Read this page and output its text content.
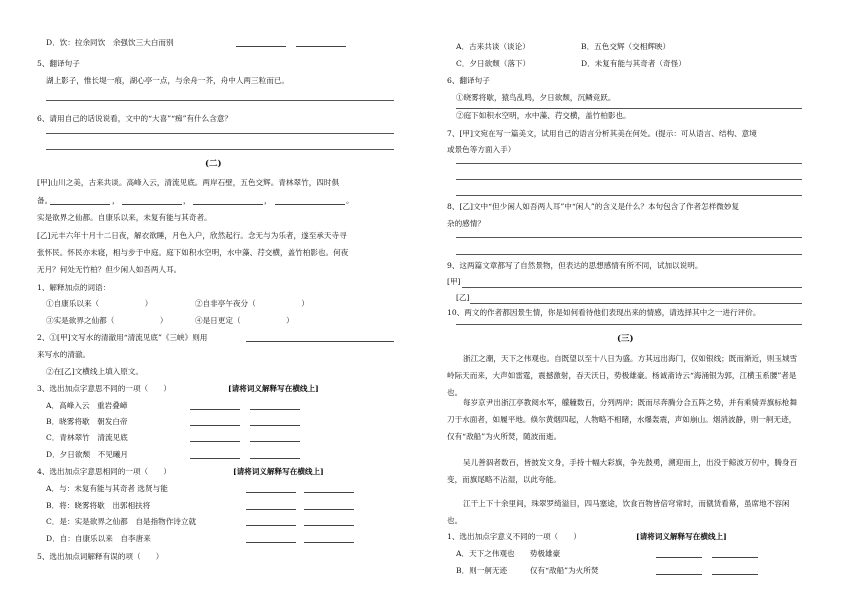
D．饮：拉余同饮　余强饮三大白而别
5、翻译句子
湖上影子，惟长堤一痕，湖心亭一点，与余舟一芥，舟中人两三粒而已。
6、请用自己的话说说看，文中的“大喜”“痴”有什么含意？
(二)
[甲]山川之美，古来共谈。高峰入云，清流见底。两岸石壁，五色交辉。青林翠竹，四时俱
备。	，	，	，	。
实是欲界之仙都。自康乐以来，未复有能与其奇者。
[乙]元丰六年十月十二日夜，解衣欲睡，月色入户，欣然起行。念无与为乐者，遂至承天寺寻
张怀民。怀民亦未寝，相与步于中庭。庭下如积水空明，水中藻、荇交横，盖竹柏影也。何夜
无月？何处无竹柏？但少闲人如吾两人耳。
1、解释加点的词语：
①自康乐以来（　　　　　　）	②自非亭午夜分（　　　　　　）
③实是欲界之仙都（　　　　　　）	④是日更定（　　　　　　）
2、①[甲]文写水的清澈用“清流见底”《三峡》则用
来写水的清澈。
②在[乙]文横线上填入原文。
3、选出加点字意思不同的一项（　　）	[请将词义解释写在横线上]
A．高峰入云　重岩叠嶂
B．晓雾将歇　朝发白帝
C．青林翠竹　清流见底
D．夕日欲颓　不见曦月
4、选出加点字意思相同的一项（　　）	[请将词义解释写在横线上]
A．与：未复有能与其奇者 选贤与能
B．将：晓雾将歇　出郭相扶将
C．是：实是欲界之仙都　自是指物作诗立就
D．自：自康乐以来　自李唐来
5、选出加点词解释有误的项（　　）
A．古来共谈（谈论）	B．五色交辉（交相辉映）
C．夕日欲颓（落下）	D．未复有能与其奇者（奇怪）
6、翻译句子
①晓雾将歇，猿鸟乱鸣，夕日欲颓，沉鳞竞跃。
②庭下如积水空明，水中藻、荇交横，盖竹柏影也。
7、[甲]文宛在写一篇美文，试用自己的语言分析其美在何处。(提示：可从语言、结构、意境
或景色等方面入手）
8、[乙]文中“但少闲人如吾两人耳”中“闲人”的含义是什么？本句包含了作者怎样微妙复
杂的感情？
9、这两篇文章都写了自然景物，但表达的思想感情有所不同，试加以说明。
[甲]
[乙]
10、两文的作者都因景生情，你是如何看待他们表现出来的情感，请选择其中之一进行评价。
(三)
浙江之潮，天下之伟观也。自既望以至十八日为盛。方其远出海门，仅如银线；既而渐近，则玉城雪岭际天而来，大声如雷霆，震撼激射，吞天沃日，势极雄豪。杨诚斋诗云“海涌银为郭，江横玉系腰”者是也。
每岁京尹出浙江亭教阅水军，艨艟数百，分列两岸；既而尽奔腾分合五阵之势，并有乘骑弄旗标枪舞刀于水面者，如履平地。倏尔黄烟四起，人物略不相睹，水爆轰震，声如崩山。烟消波静，则一舸无迹，仅有“敌船”为火所焚，随波而逝。
吴儿善泅者数百，皆披发文身，手持十幅大彩旗，争先鼓勇，溯迎而上，出没于鲸波万仞中，腾身百变，而旗尾略不沾湿，以此夸能。
江干上下十余里间，珠翠罗绮溢目，四马塞途，饮食百物皆倍穹常时，而僦赁看幕，虽席地不容闲也。
1、选出加点字意义不同的一项（　　）	[请将词义解释写在横线上]
A．天下之伟观也　　势极雄豪
B．则一舸无迹　　　仅有“敌船”为火所焚
